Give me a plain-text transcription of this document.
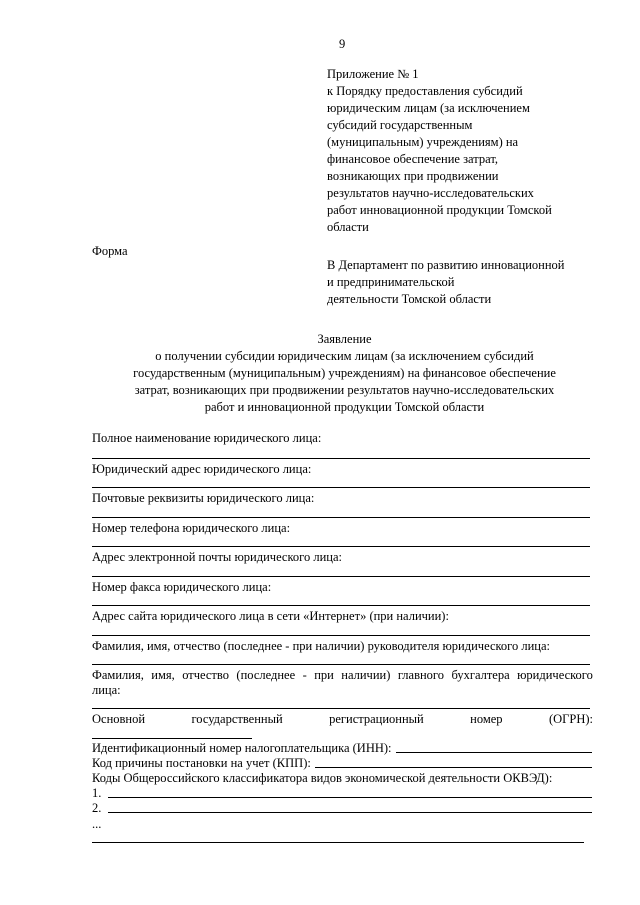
9
Приложение № 1
к Порядку предоставления субсидий
юридическим лицам (за исключением
субсидий государственным
(муниципальным) учреждениям) на
финансовое обеспечение затрат,
возникающих при продвижении
результатов научно-исследовательских
работ инновационной продукции Томской
области
Форма
В Департамент по развитию инновационной
и предпринимательской
деятельности Томской области
Заявление
о получении субсидии юридическим лицам (за исключением субсидий
государственным (муниципальным) учреждениям) на финансовое обеспечение
затрат, возникающих при продвижении результатов научно-исследовательских
работ и инновационной продукции Томской области
Полное наименование юридического лица:
Юридический адрес юридического лица:
Почтовые реквизиты юридического лица:
Номер телефона юридического лица:
Адрес электронной почты юридического лица:
Номер факса юридического лица:
Адрес сайта юридического лица в сети «Интернет» (при наличии):
Фамилия, имя, отчество (последнее - при наличии) руководителя юридического лица:
Фамилия, имя, отчество (последнее - при наличии) главного бухгалтера юридического
лица:
Основной	государственный	регистрационный	номер	(ОГРН):
Идентификационный номер налогоплательщика (ИНН):
Код причины постановки на учет (КПП):
Коды Общероссийского классификатора видов экономической деятельности ОКВЭД):
1.
2.
...
